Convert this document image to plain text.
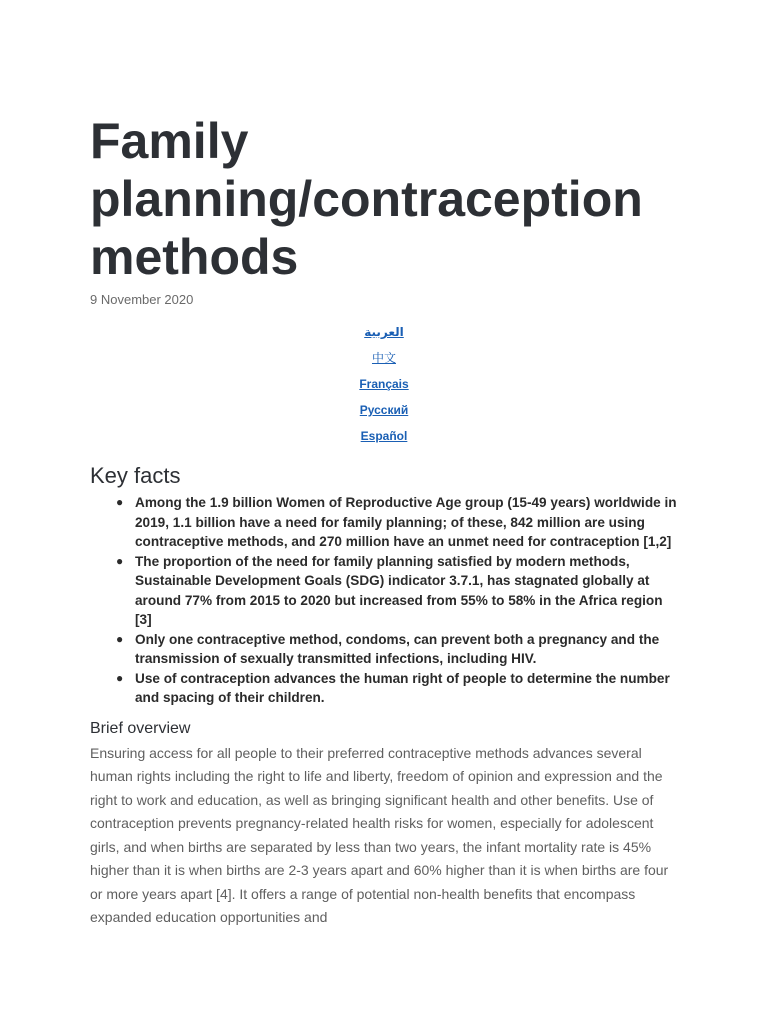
Family planning/contraception methods
9 November 2020
العربية
中文
Français
Русский
Español
Key facts
● Among the 1.9 billion Women of Reproductive Age group (15-49 years) worldwide in 2019, 1.1 billion have a need for family planning; of these, 842 million are using contraceptive methods, and 270 million have an unmet need for contraception [1,2]
● The proportion of the need for family planning satisfied by modern methods, Sustainable Development Goals (SDG) indicator 3.7.1, has stagnated globally at around 77% from 2015 to 2020 but increased from 55% to 58% in the Africa region [3]
● Only one contraceptive method, condoms, can prevent both a pregnancy and the transmission of sexually transmitted infections, including HIV.
● Use of contraception advances the human right of people to determine the number and spacing of their children.
Brief overview

Ensuring access for all people to their preferred contraceptive methods advances several human rights including the right to life and liberty, freedom of opinion and expression and the right to work and education, as well as bringing significant health and other benefits. Use of contraception prevents pregnancy-related health risks for women, especially for adolescent girls, and when births are separated by less than two years, the infant mortality rate is 45% higher than it is when births are 2-3 years apart and 60% higher than it is when births are four or more years apart [4]. It offers a range of potential non-health benefits that encompass expanded education opportunities and
